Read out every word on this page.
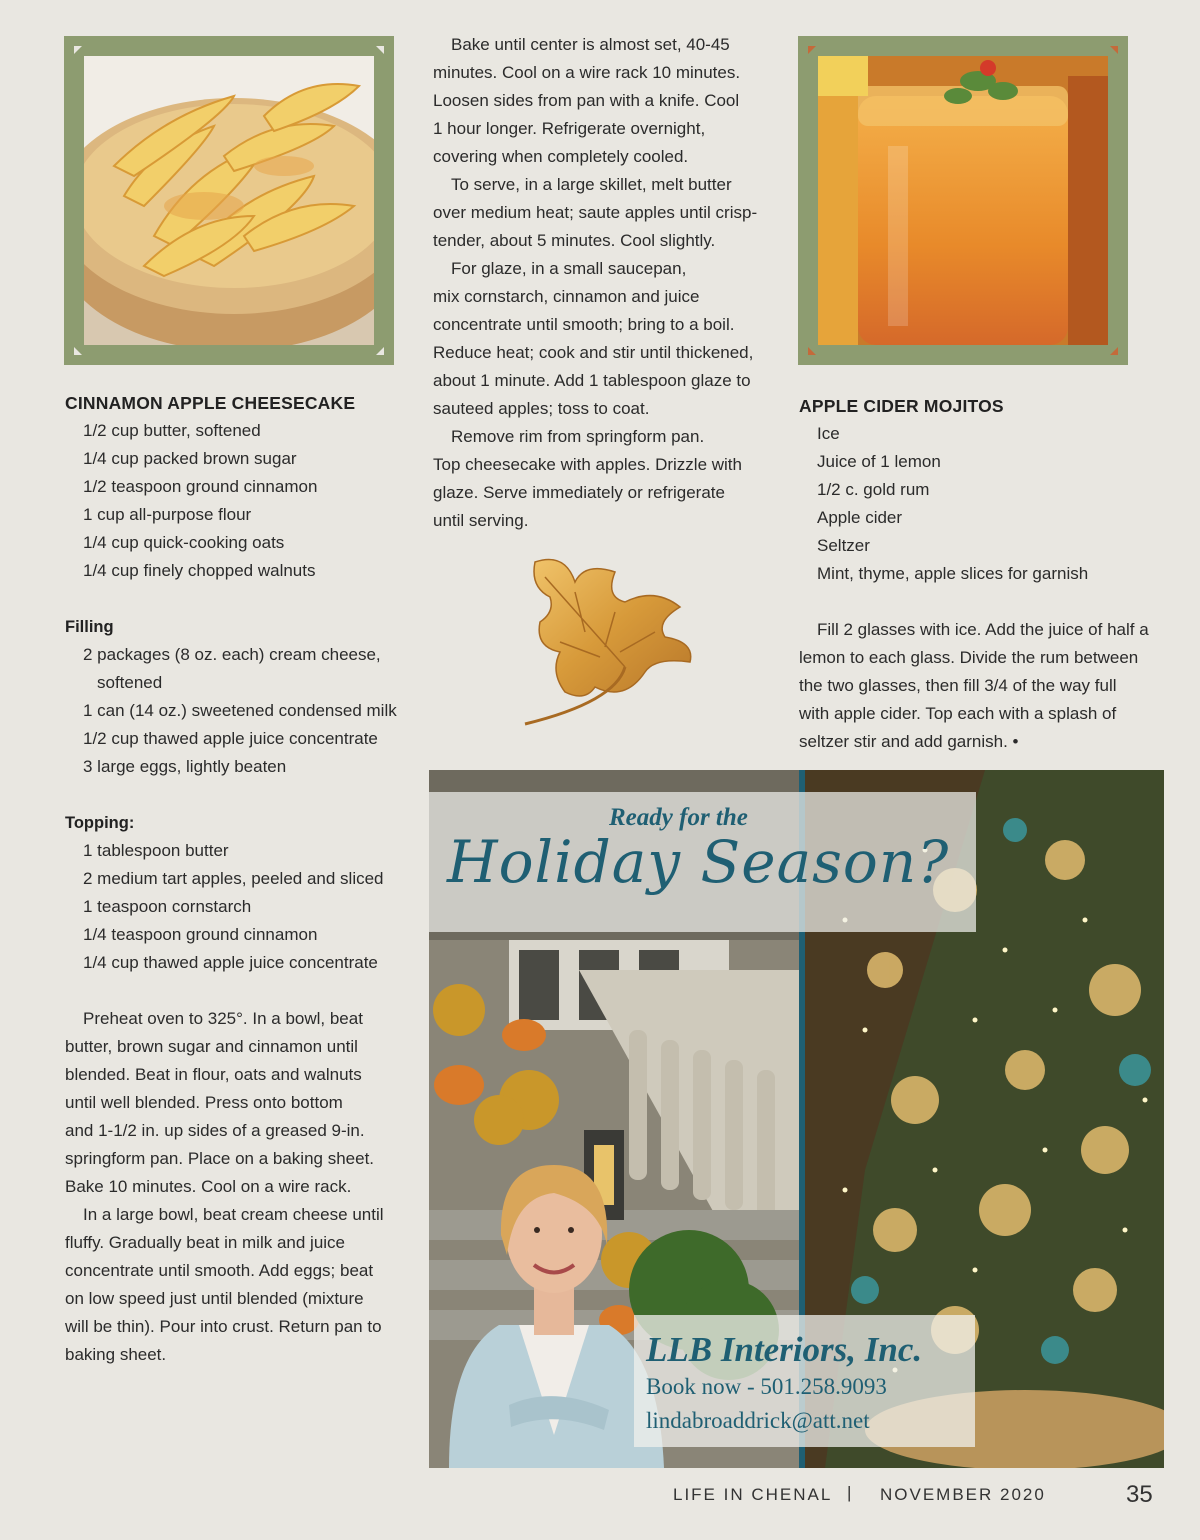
CINNAMON APPLE CHEESECAKE

1/2 cup butter, softened

1/4 cup packed brown sugar

1/2 teaspoon ground cinnamon

1 cup all-purpose flour

1/4 cup quick-cooking oats

1/4 cup finely chopped walnuts

Filling

2 packages (8 oz. each) cream cheese,

softened

1 can (14 oz.) sweetened condensed milk

1/2 cup thawed apple juice concentrate

3 large eggs, lightly beaten

Topping:

1 tablespoon butter

2 medium tart apples, peeled and sliced

1 teaspoon cornstarch

1/4 teaspoon ground cinnamon

1/4 cup thawed apple juice concentrate

Preheat oven to 325°. In a bowl, beat

butter, brown sugar and cinnamon until

blended. Beat in flour, oats and walnuts

until well blended. Press onto bottom

and 1-1/2 in. up sides of a greased 9-in.

springform pan. Place on a baking sheet.

Bake 10 minutes. Cool on a wire rack.

In a large bowl, beat cream cheese until

fluffy. Gradually beat in milk and juice

concentrate until smooth. Add eggs; beat

on low speed just until blended (mixture

will be thin). Pour into crust. Return pan to

baking sheet.

Bake until center is almost set, 40-45

minutes. Cool on a wire rack 10 minutes.

Loosen sides from pan with a knife. Cool

1 hour longer. Refrigerate overnight,

covering when completely cooled.

To serve, in a large skillet, melt butter

over medium heat; saute apples until crisp-

tender, about 5 minutes. Cool slightly.

For glaze, in a small saucepan,

mix cornstarch, cinnamon and juice

concentrate until smooth; bring to a boil.

Reduce heat; cook and stir until thickened,

about 1 minute. Add 1 tablespoon glaze to

sauteed apples; toss to coat.

Remove rim from springform pan.

Top cheesecake with apples. Drizzle with

glaze. Serve immediately or refrigerate

until serving.

APPLE CIDER MOJITOS

Ice

Juice of 1 lemon

1/2 c. gold rum

Apple cider

Seltzer

Mint, thyme, apple slices for garnish

Fill 2 glasses with ice. Add the juice of half a

lemon to each glass. Divide the rum between

the two glasses, then fill 3/4 of the way full

with apple cider. Top each with a splash of

seltzer stir and add garnish. •

Ready for the
Holiday Season?
LLB Interiors, Inc.
Book now - 501.258.9093
lindabroaddrick@att.net
LIFE IN CHENAL | NOVEMBER 2020	35
